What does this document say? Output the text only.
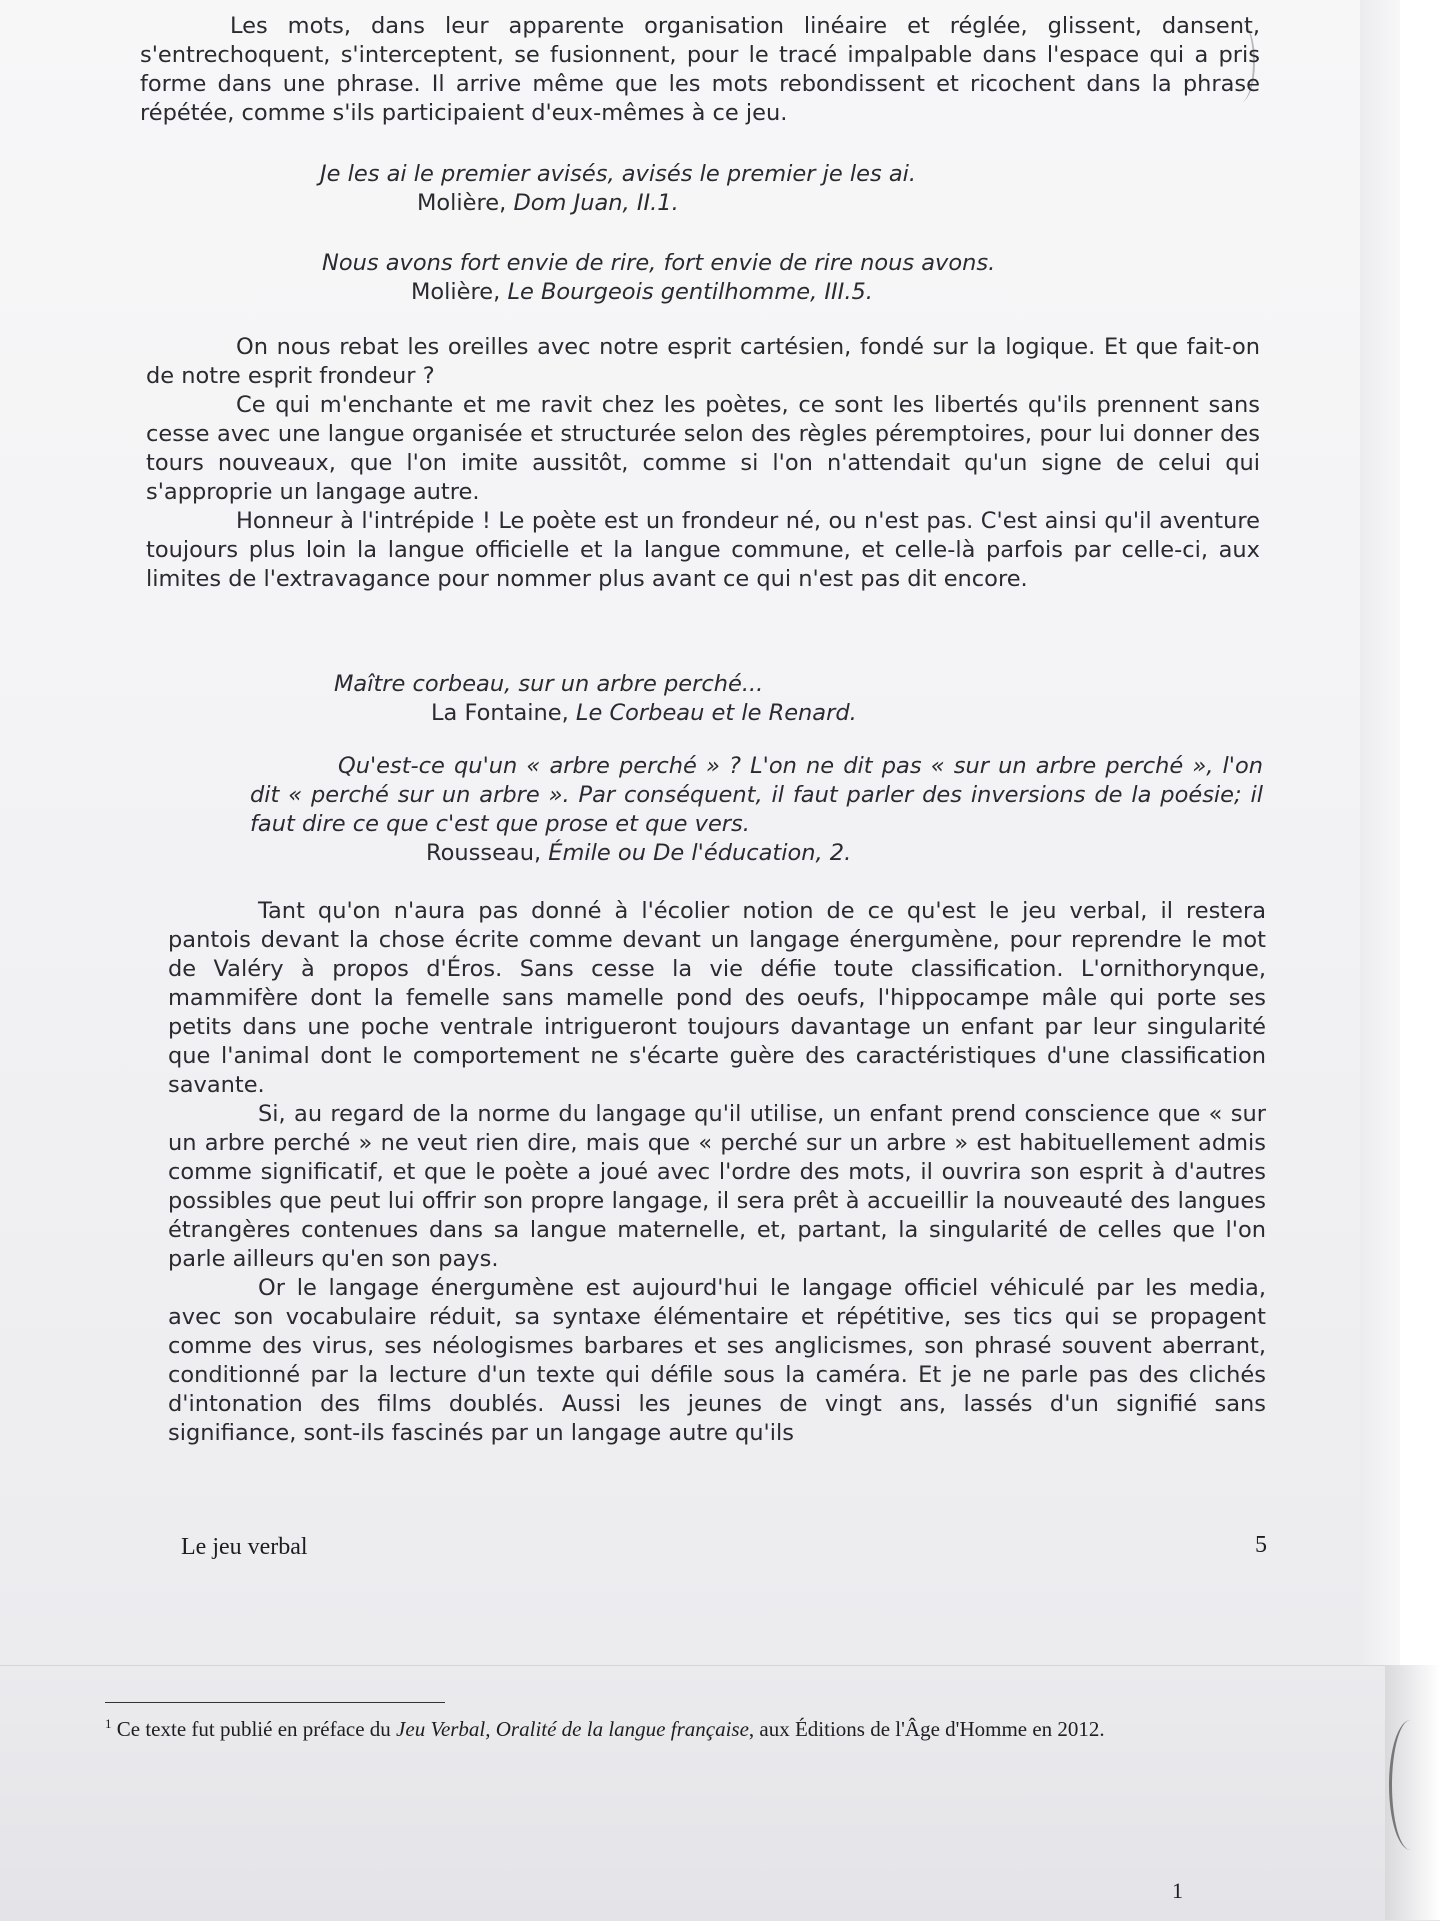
Les mots, dans leur apparente organisation linéaire et réglée, glissent, dansent, s'entrechoquent, s'interceptent, se fusionnent, pour le tracé impalpable dans l'espace qui a pris forme dans une phrase. Il arrive même que les mots rebondissent et ricochent dans la phrase répétée, comme s'ils participaient d'eux-mêmes à ce jeu.

Je les ai le premier avisés, avisés le premier je les ai.
Molière, Dom Juan, II.1.
Nous avons fort envie de rire, fort envie de rire nous avons.
Molière, Le Bourgeois gentilhomme, III.5.

On nous rebat les oreilles avec notre esprit cartésien, fondé sur la logique. Et que fait-on de notre esprit frondeur ?

Ce qui m'enchante et me ravit chez les poètes, ce sont les libertés qu'ils prennent sans cesse avec une langue organisée et structurée selon des règles péremptoires, pour lui donner des tours nouveaux, que l'on imite aussitôt, comme si l'on n'attendait qu'un signe de celui qui s'approprie un langage autre.

Honneur à l'intrépide ! Le poète est un frondeur né, ou n'est pas. C'est ainsi qu'il aventure toujours plus loin la langue officielle et la langue commune, et celle-là parfois par celle-ci, aux limites de l'extravagance pour nommer plus avant ce qui n'est pas dit encore.

Maître corbeau, sur un arbre perché...
La Fontaine, Le Corbeau et le Renard.
Qu'est-ce qu'un « arbre perché » ? L'on ne dit pas « sur un arbre perché », l'on dit « perché sur un arbre ». Par conséquent, il faut parler des inversions de la poésie; il faut dire ce que c'est que prose et que vers.
Rousseau, Émile ou De l'éducation, 2.

Tant qu'on n'aura pas donné à l'écolier notion de ce qu'est le jeu verbal, il restera pantois devant la chose écrite comme devant un langage énergumène, pour reprendre le mot de Valéry à propos d'Éros. Sans cesse la vie défie toute classification. L'ornithorynque, mammifère dont la femelle sans mamelle pond des oeufs, l'hippocampe mâle qui porte ses petits dans une poche ventrale intrigueront toujours davantage un enfant par leur singularité que l'animal dont le comportement ne s'écarte guère des caractéristiques d'une classification savante.

Si, au regard de la norme du langage qu'il utilise, un enfant prend conscience que « sur un arbre perché » ne veut rien dire, mais que « perché sur un arbre » est habituellement admis comme significatif, et que le poète a joué avec l'ordre des mots, il ouvrira son esprit à d'autres possibles que peut lui offrir son propre langage, il sera prêt à accueillir la nouveauté des langues étrangères contenues dans sa langue maternelle, et, partant, la singularité de celles que l'on parle ailleurs qu'en son pays.

Or le langage énergumène est aujourd'hui le langage officiel véhiculé par les media, avec son vocabulaire réduit, sa syntaxe élémentaire et répétitive, ses tics qui se propagent comme des virus, ses néologismes barbares et ses anglicismes, son phrasé souvent aberrant, conditionné par la lecture d'un texte qui défile sous la caméra. Et je ne parle pas des clichés d'intonation des films doublés. Aussi les jeunes de vingt ans, lassés d'un signifié sans signifiance, sont-ils fascinés par un langage autre qu'ils

Le jeu verbal	5
$^1$ Ce texte fut publié en préface du Jeu Verbal, Oralité de la langue française, aux Éditions de l'Âge d'Homme en 2012.
1
